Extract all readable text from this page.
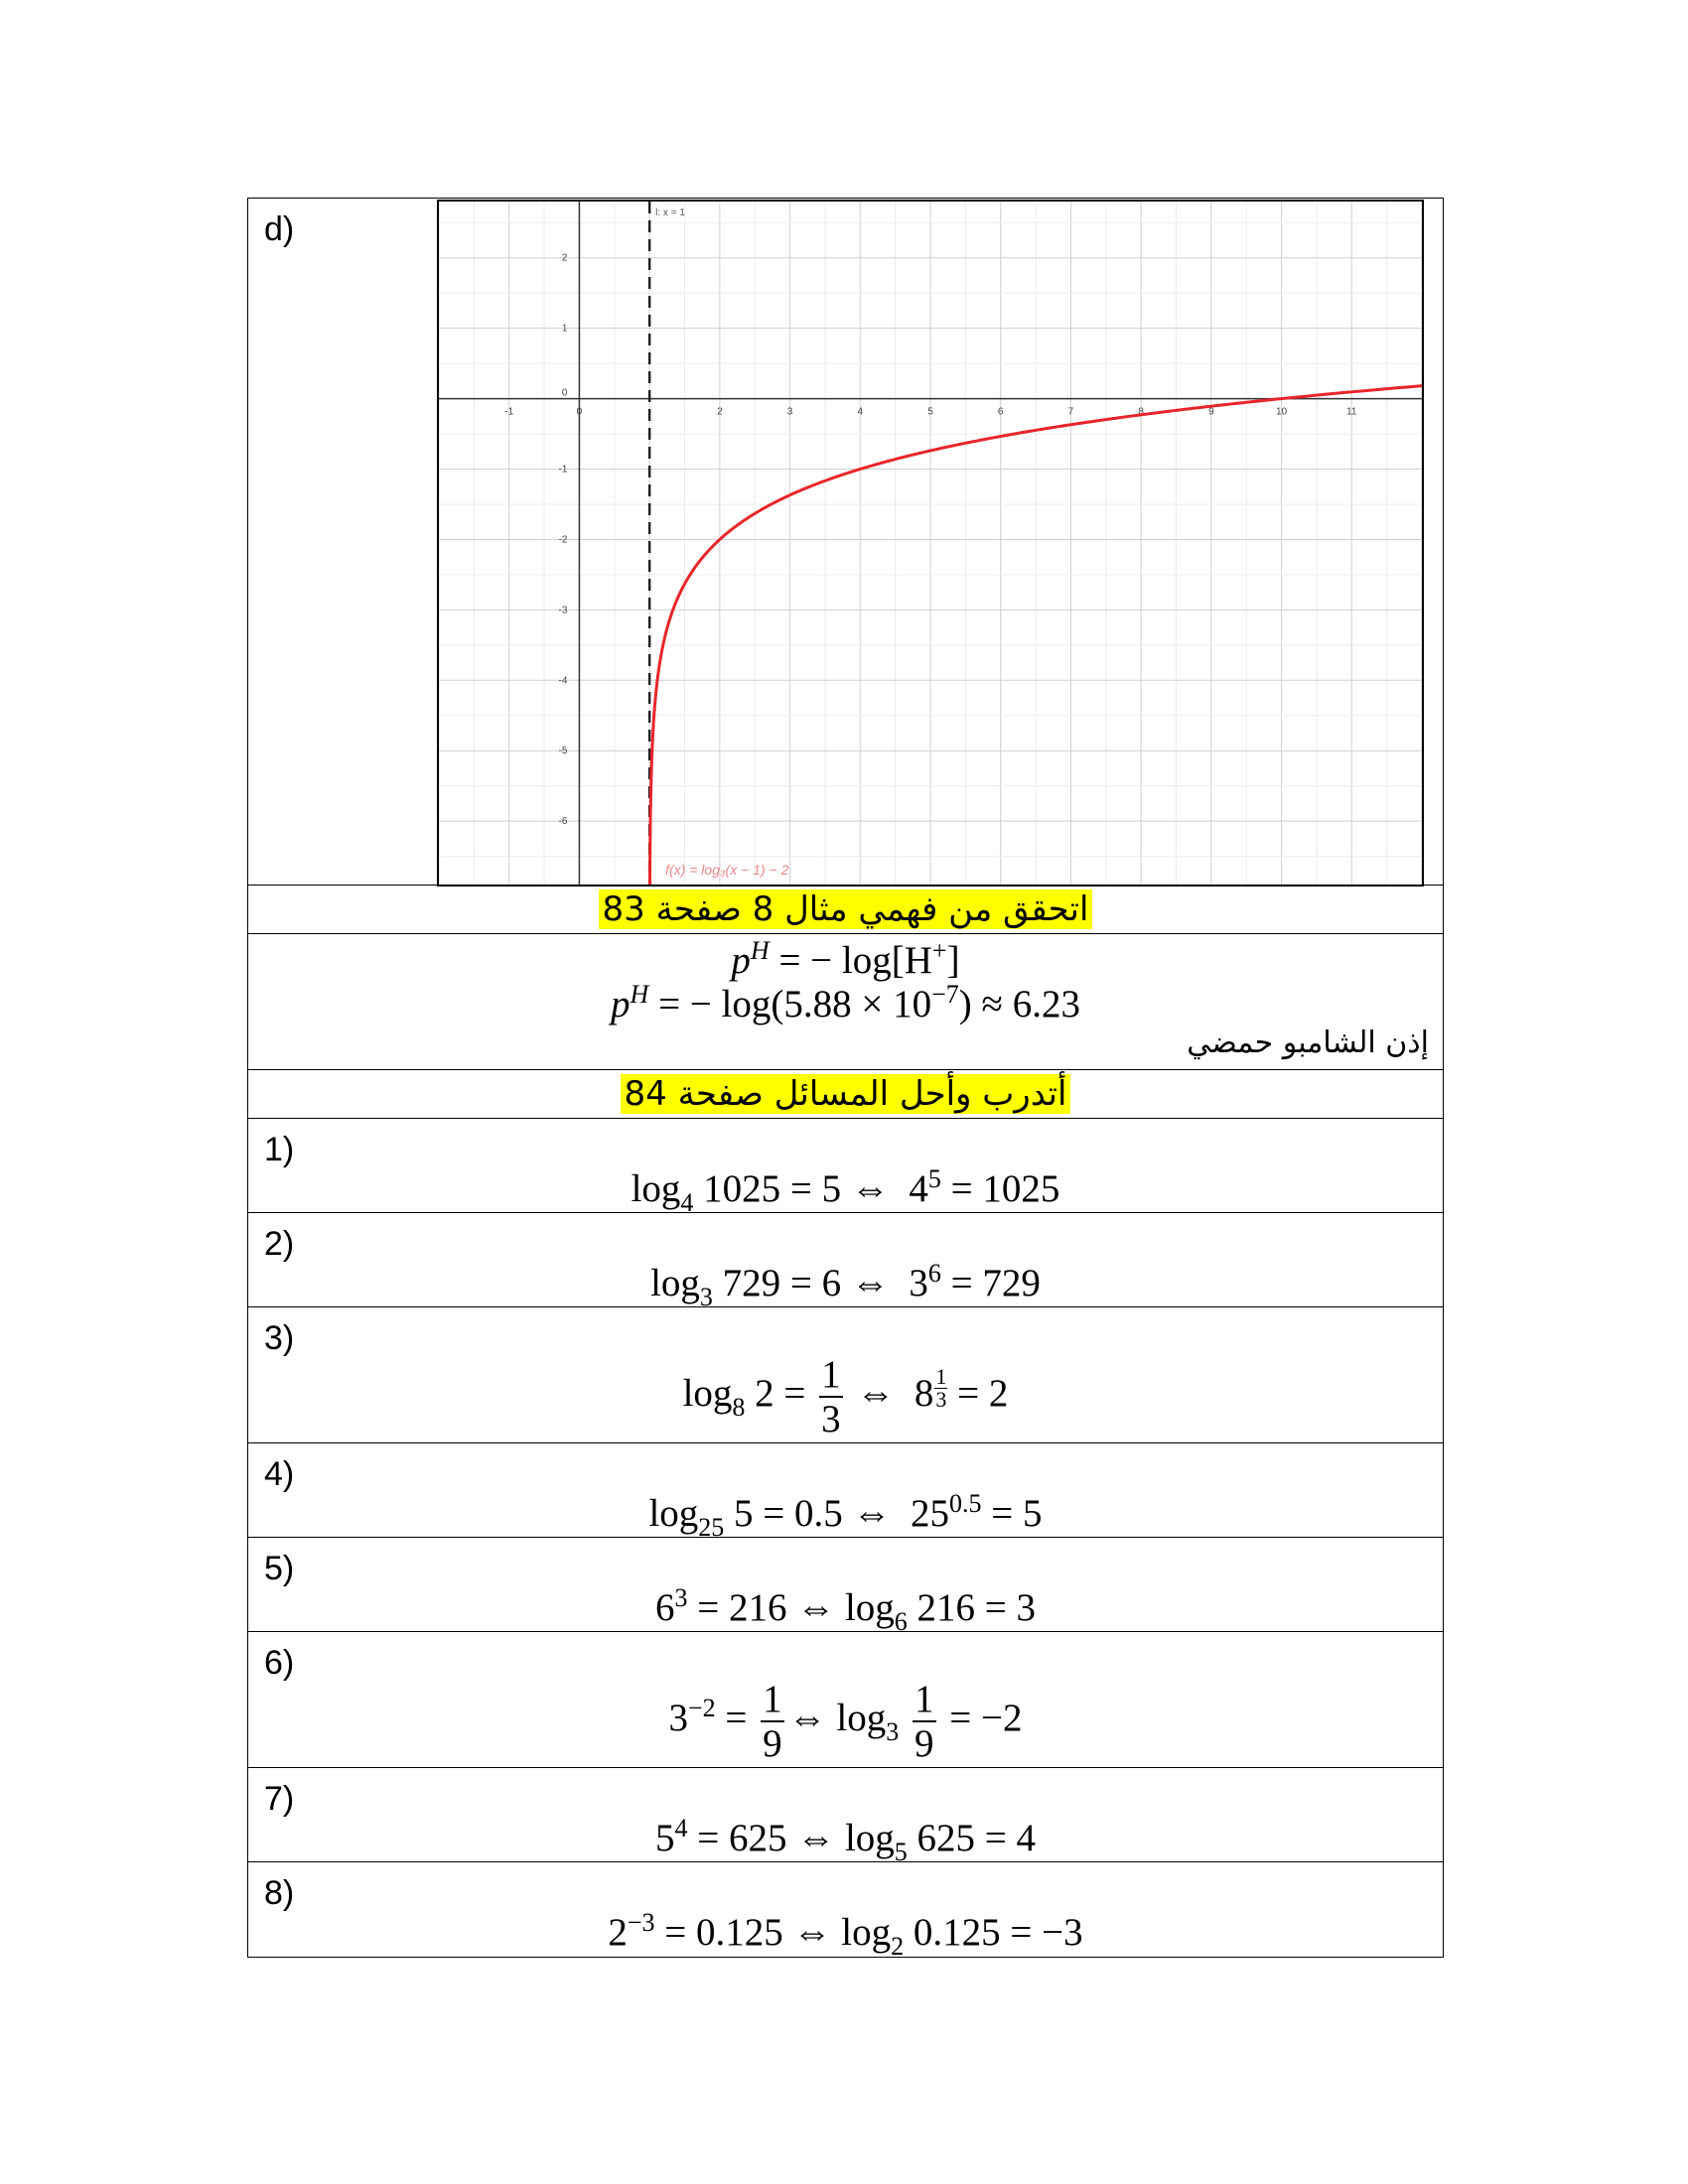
d)
-1	0	2	3	4	5	6	7	8	9	10	11
2
1
0
-1
-2
-3
-4
-5
-6
l: x = 1
f(x) = log₃(x − 1) − 2
اتحقق من فهمي مثال 8 صفحة 83
$p^H$ = − log[H+]
$p^H$ = − $\log(5.88 \times 10^{-7}) \approx 6.23$
إذن الشامبو حمضي
أتدرب وأحل المسائل صفحة 84
1)
$\log_4 1025 = 5$ ⇔  $4^5 = 1025$
2)
$\log_3 729 = 6$ ⇔  $3^6 = 729$
3)
$\log_8 2 = \frac{1}{3}$ ⇔  $8 \frac{1}{3} = 2$
4)
$\log_{25} 5 = 0.5$ ⇔  $25^{0.5} = 5$
5)
$6^3 = 216$ ⇔ $\log_6 216 = 3$
6)
$3^{-2} = \frac{1}{9}$ ⇔ $\log_3 \frac{1}{9} = -2$
7)
$5^4 = 625$ ⇔ $\log_5 625 = 4$
8)
$2^{-3} = 0.125$ ⇔ $\log_2 0.125 = -3$
